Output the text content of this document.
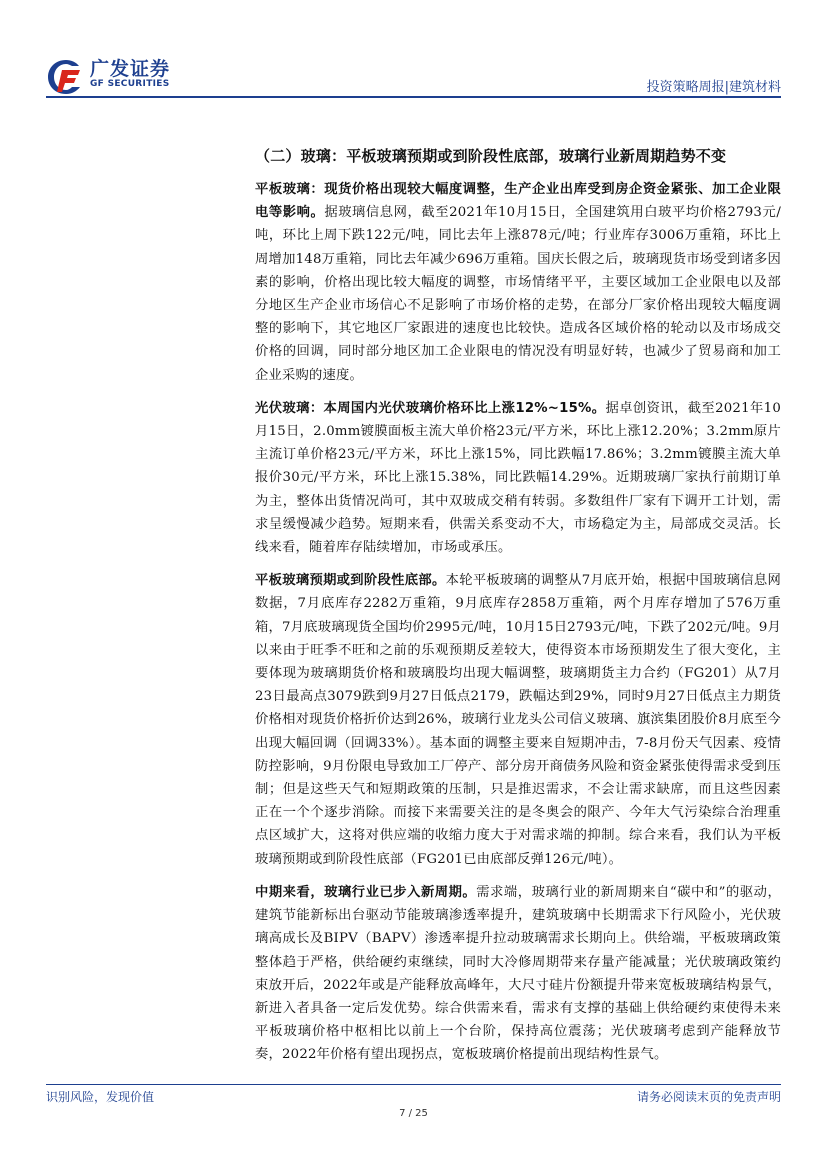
广发证券
GF SECURITIES	投资策略周报|建筑材料
（二）玻璃：平板玻璃预期或到阶段性底部，玻璃行业新周期趋势不变

平板玻璃：现货价格出现较大幅度调整，生产企业出库受到房企资金紧张、加工企业限电等影响。据玻璃信息网，截至2021年10月15日，全国建筑用白玻平均价格2793元/吨，环比上周下跌122元/吨，同比去年上涨878元/吨；行业库存3006万重箱，环比上周增加148万重箱，同比去年减少696万重箱。国庆长假之后，玻璃现货市场受到诸多因素的影响，价格出现比较大幅度的调整，市场情绪平平，主要区域加工企业限电以及部分地区生产企业市场信心不足影响了市场价格的走势，在部分厂家价格出现较大幅度调整的影响下，其它地区厂家跟进的速度也比较快。造成各区域价格的轮动以及市场成交价格的回调，同时部分地区加工企业限电的情况没有明显好转，也减少了贸易商和加工企业采购的速度。

光伏玻璃：本周国内光伏玻璃价格环比上涨12%~15%。据卓创资讯，截至2021年10月15日，2.0mm镀膜面板主流大单价格23元/平方米，环比上涨12.20%；3.2mm原片主流订单价格23元/平方米，环比上涨15%，同比跌幅17.86%；3.2mm镀膜主流大单报价30元/平方米，环比上涨15.38%，同比跌幅14.29%。近期玻璃厂家执行前期订单为主，整体出货情况尚可，其中双玻成交稍有转弱。多数组件厂家有下调开工计划，需求呈缓慢减少趋势。短期来看，供需关系变动不大，市场稳定为主，局部成交灵活。长线来看，随着库存陆续增加，市场或承压。

平板玻璃预期或到阶段性底部。本轮平板玻璃的调整从7月底开始，根据中国玻璃信息网数据，7月底库存2282万重箱，9月底库存2858万重箱，两个月库存增加了576万重箱，7月底玻璃现货全国均价2995元/吨，10月15日2793元/吨，下跌了202元/吨。9月以来由于旺季不旺和之前的乐观预期反差较大，使得资本市场预期发生了很大变化，主要体现为玻璃期货价格和玻璃股均出现大幅调整，玻璃期货主力合约（FG201）从7月23日最高点3079跌到9月27日低点2179，跌幅达到29%，同时9月27日低点主力期货价格相对现货价格折价达到26%，玻璃行业龙头公司信义玻璃、旗滨集团股价8月底至今出现大幅回调（回调33%）。基本面的调整主要来自短期冲击，7-8月份天气因素、疫情防控影响，9月份限电导致加工厂停产、部分房开商债务风险和资金紧张使得需求受到压制；但是这些天气和短期政策的压制，只是推迟需求，不会让需求缺席，而且这些因素正在一个个逐步消除。而接下来需要关注的是冬奥会的限产、今年大气污染综合治理重点区域扩大，这将对供应端的收缩力度大于对需求端的抑制。综合来看，我们认为平板玻璃预期或到阶段性底部（FG201已由底部反弹126元/吨）。

中期来看，玻璃行业已步入新周期。需求端，玻璃行业的新周期来自“碳中和”的驱动，建筑节能新标出台驱动节能玻璃渗透率提升，建筑玻璃中长期需求下行风险小，光伏玻璃高成长及BIPV（BAPV）渗透率提升拉动玻璃需求长期向上。供给端，平板玻璃政策整体趋于严格，供给硬约束继续，同时大冷修周期带来存量产能减量；光伏玻璃政策约束放开后，2022年或是产能释放高峰年，大尺寸硅片份额提升带来宽板玻璃结构景气，新进入者具备一定后发优势。综合供需来看，需求有支撑的基础上供给硬约束使得未来平板玻璃价格中枢相比以前上一个台阶，保持高位震荡；光伏玻璃考虑到产能释放节奏，2022年价格有望出现拐点，宽板玻璃价格提前出现结构性景气。

识别风险，发现价值	请务必阅读末页的免责声明
7 / 25
